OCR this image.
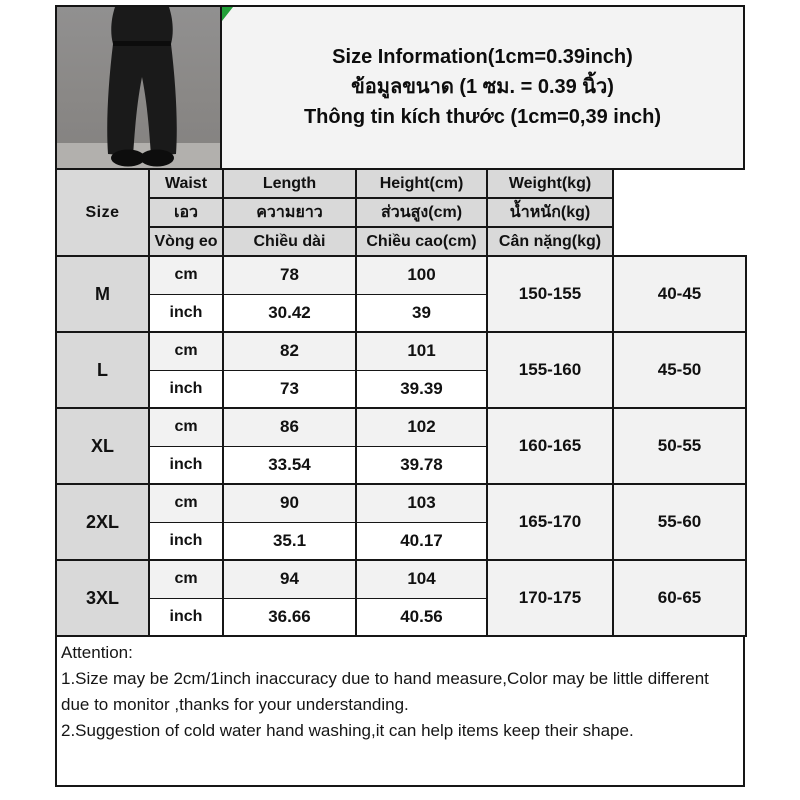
Size Information(1cm=0.39inch)
ข้อมูลขนาด (1 ซม. = 0.39 นิ้ว)
Thông tin kích thước (1cm=0,39 inch)
Size	Waist	Length	Height(cm)	Weight(kg)	
	เอว	ความยาว	ส่วนสูง(cm)	น้ำหนัก(kg)	
	Vòng eo	Chiều dài	Chiều cao(cm)	Cân nặng(kg)	
M	cm	78	100	150-155	40-45
	inch	30.42	39		
L	cm	82	101	155-160	45-50
	inch	73	39.39		
XL	cm	86	102	160-165	50-55
	inch	33.54	39.78		
2XL	cm	90	103	165-170	55-60
	inch	35.1	40.17		
3XL	cm	94	104	170-175	60-65
	inch	36.66	40.56		

Attention:

1.Size may be 2cm/1inch inaccuracy due to hand measure,Color may be little different due to monitor ,thanks for your understanding.

2.Suggestion of cold water hand washing,it can help items keep their shape.
